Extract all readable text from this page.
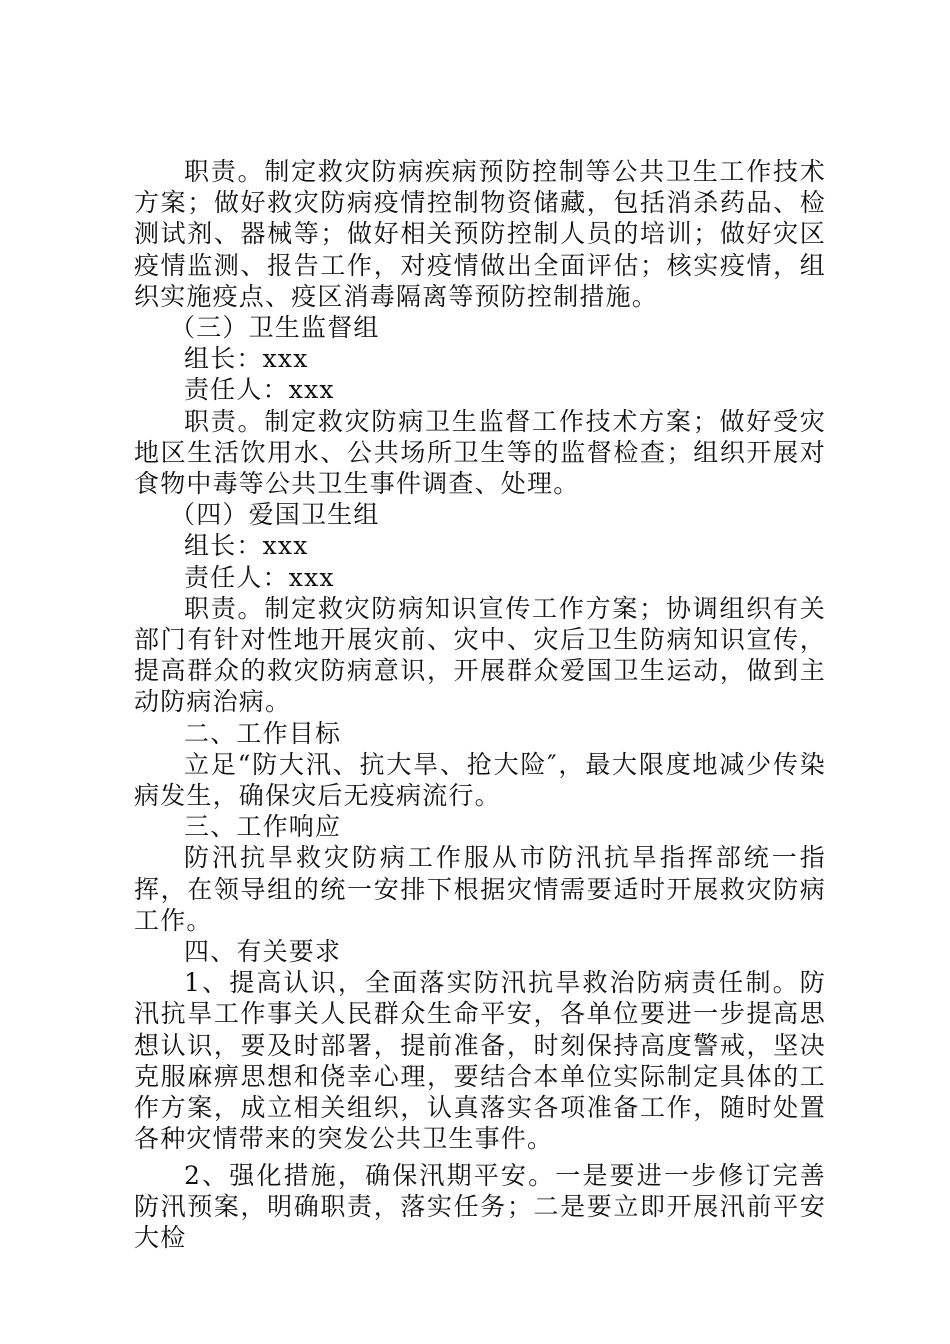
职责。制定救灾防病疾病预防控制等公共卫生工作技术方案；做好救灾防病疫情控制物资储藏，包括消杀药品、检测试剂、器械等；做好相关预防控制人员的培训；做好灾区疫情监测、报告工作，对疫情做出全面评估；核实疫情，组织实施疫点、疫区消毒隔离等预防控制措施。

（三）卫生监督组

组长：xxx

责任人：xxx

职责。制定救灾防病卫生监督工作技术方案；做好受灾地区生活饮用水、公共场所卫生等的监督检查；组织开展对食物中毒等公共卫生事件调查、处理。

（四）爱国卫生组

组长：xxx

责任人：xxx

职责。制定救灾防病知识宣传工作方案；协调组织有关部门有针对性地开展灾前、灾中、灾后卫生防病知识宣传，提高群众的救灾防病意识，开展群众爱国卫生运动，做到主动防病治病。

二、工作目标

立足“防大汛、抗大旱、抢大险″，最大限度地减少传染病发生，确保灾后无疫病流行。

三、工作响应

防汛抗旱救灾防病工作服从市防汛抗旱指挥部统一指挥，在领导组的统一安排下根据灾情需要适时开展救灾防病工作。

四、有关要求

1、提高认识，全面落实防汛抗旱救治防病责任制。防汛抗旱工作事关人民群众生命平安，各单位要进一步提高思想认识，要及时部署，提前准备，时刻保持高度警戒，坚决克服麻痹思想和侥幸心理，要结合本单位实际制定具体的工作方案，成立相关组织，认真落实各项准备工作，随时处置各种灾情带来的突发公共卫生事件。

2、强化措施，确保汛期平安。一是要进一步修订完善防汛预案，明确职责，落实任务；二是要立即开展汛前平安大检
